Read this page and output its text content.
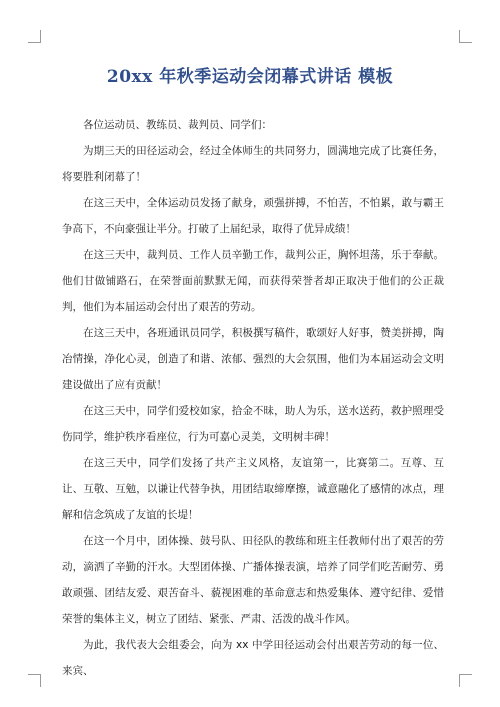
20xx 年秋季运动会闭幕式讲话 模板

各位运动员、教练员、裁判员、同学们：

为期三天的田径运动会，经过全体师生的共同努力，圆满地完成了比赛任务，将要胜利闭幕了！

在这三天中，全体运动员发扬了献身，顽强拼搏，不怕苦，不怕累，敢与霸王争高下，不向豪强让半分。打破了上届纪录，取得了优异成绩！

在这三天中，裁判员、工作人员辛勤工作，裁判公正，胸怀坦荡，乐于奉献。他们甘做铺路石，在荣誉面前默默无闻，而获得荣誉者却正取决于他们的公正裁判，他们为本届运动会付出了艰苦的劳动。

在这三天中，各班通讯员同学，积极撰写稿件，歌颂好人好事，赞美拼搏，陶冶情操，净化心灵，创造了和谐、浓郁、强烈的大会氛围，他们为本届运动会文明建设做出了应有贡献！

在这三天中，同学们爱校如家，拾金不昧，助人为乐，送水送药，救护照理受伤同学，维护秩序看座位，行为可嘉心灵美，文明树丰碑！

在这三天中，同学们发扬了共产主义风格，友谊第一，比赛第二。互尊、互让、互敬、互勉，以谦让代替争执，用团结取缔摩擦，诚意融化了感情的冰点，理解和信念筑成了友谊的长堤！

在这一个月中，团体操、鼓号队、田径队的教练和班主任教师付出了艰苦的劳动，滴洒了辛勤的汗水。大型团体操、广播体操表演，培养了同学们吃苦耐劳、勇敢顽强、团结友爱、艰苦奋斗、藐视困难的革命意志和热爱集体、遵守纪律、爱惜荣誉的集体主义，树立了团结、紧张、严肃、活泼的战斗作风。

为此，我代表大会组委会，向为 xx 中学田径运动会付出艰苦劳动的每一位、来宾、
